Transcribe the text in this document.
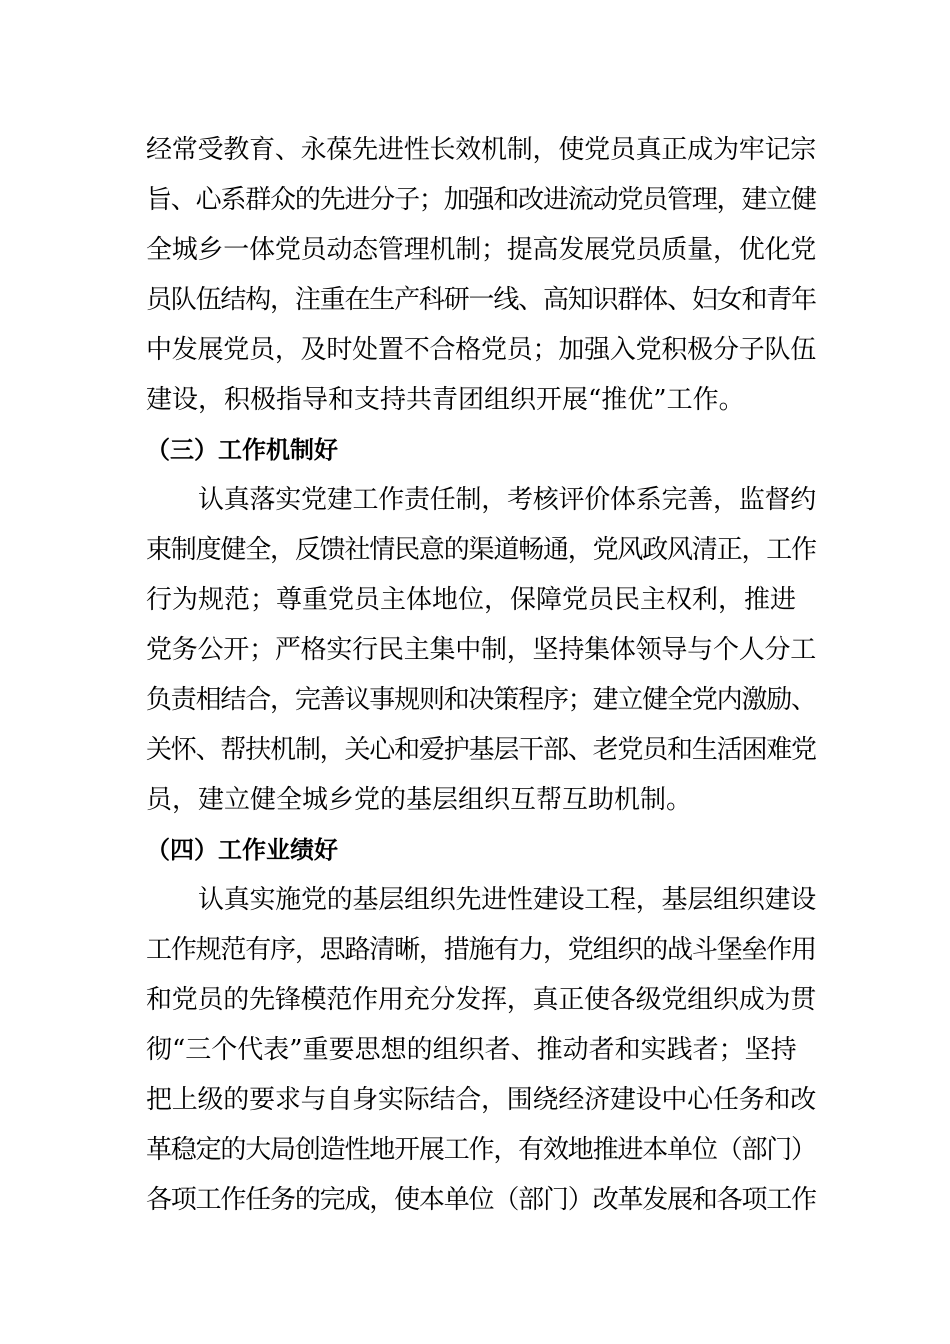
经常受教育、永葆先进性长效机制，使党员真正成为牢记宗
旨、心系群众的先进分子；加强和改进流动党员管理，建立健
全城乡一体党员动态管理机制；提高发展党员质量，优化党
员队伍结构，注重在生产科研一线、高知识群体、妇女和青年
中发展党员，及时处置不合格党员；加强入党积极分子队伍
建设，积极指导和支持共青团组织开展“推优”工作。
（三）工作机制好
认真落实党建工作责任制，考核评价体系完善，监督约
束制度健全，反馈社情民意的渠道畅通，党风政风清正，工作
行为规范；尊重党员主体地位，保障党员民主权利，推进
党务公开；严格实行民主集中制，坚持集体领导与个人分工
负责相结合，完善议事规则和决策程序；建立健全党内激励、
关怀、帮扶机制，关心和爱护基层干部、老党员和生活困难党
员，建立健全城乡党的基层组织互帮互助机制。
（四）工作业绩好
认真实施党的基层组织先进性建设工程，基层组织建设
工作规范有序，思路清晰，措施有力，党组织的战斗堡垒作用
和党员的先锋模范作用充分发挥，真正使各级党组织成为贯
彻“三个代表”重要思想的组织者、推动者和实践者；坚持
把上级的要求与自身实际结合，围绕经济建设中心任务和改
革稳定的大局创造性地开展工作，有效地推进本单位（部门）
各项工作任务的完成，使本单位（部门）改革发展和各项工作
